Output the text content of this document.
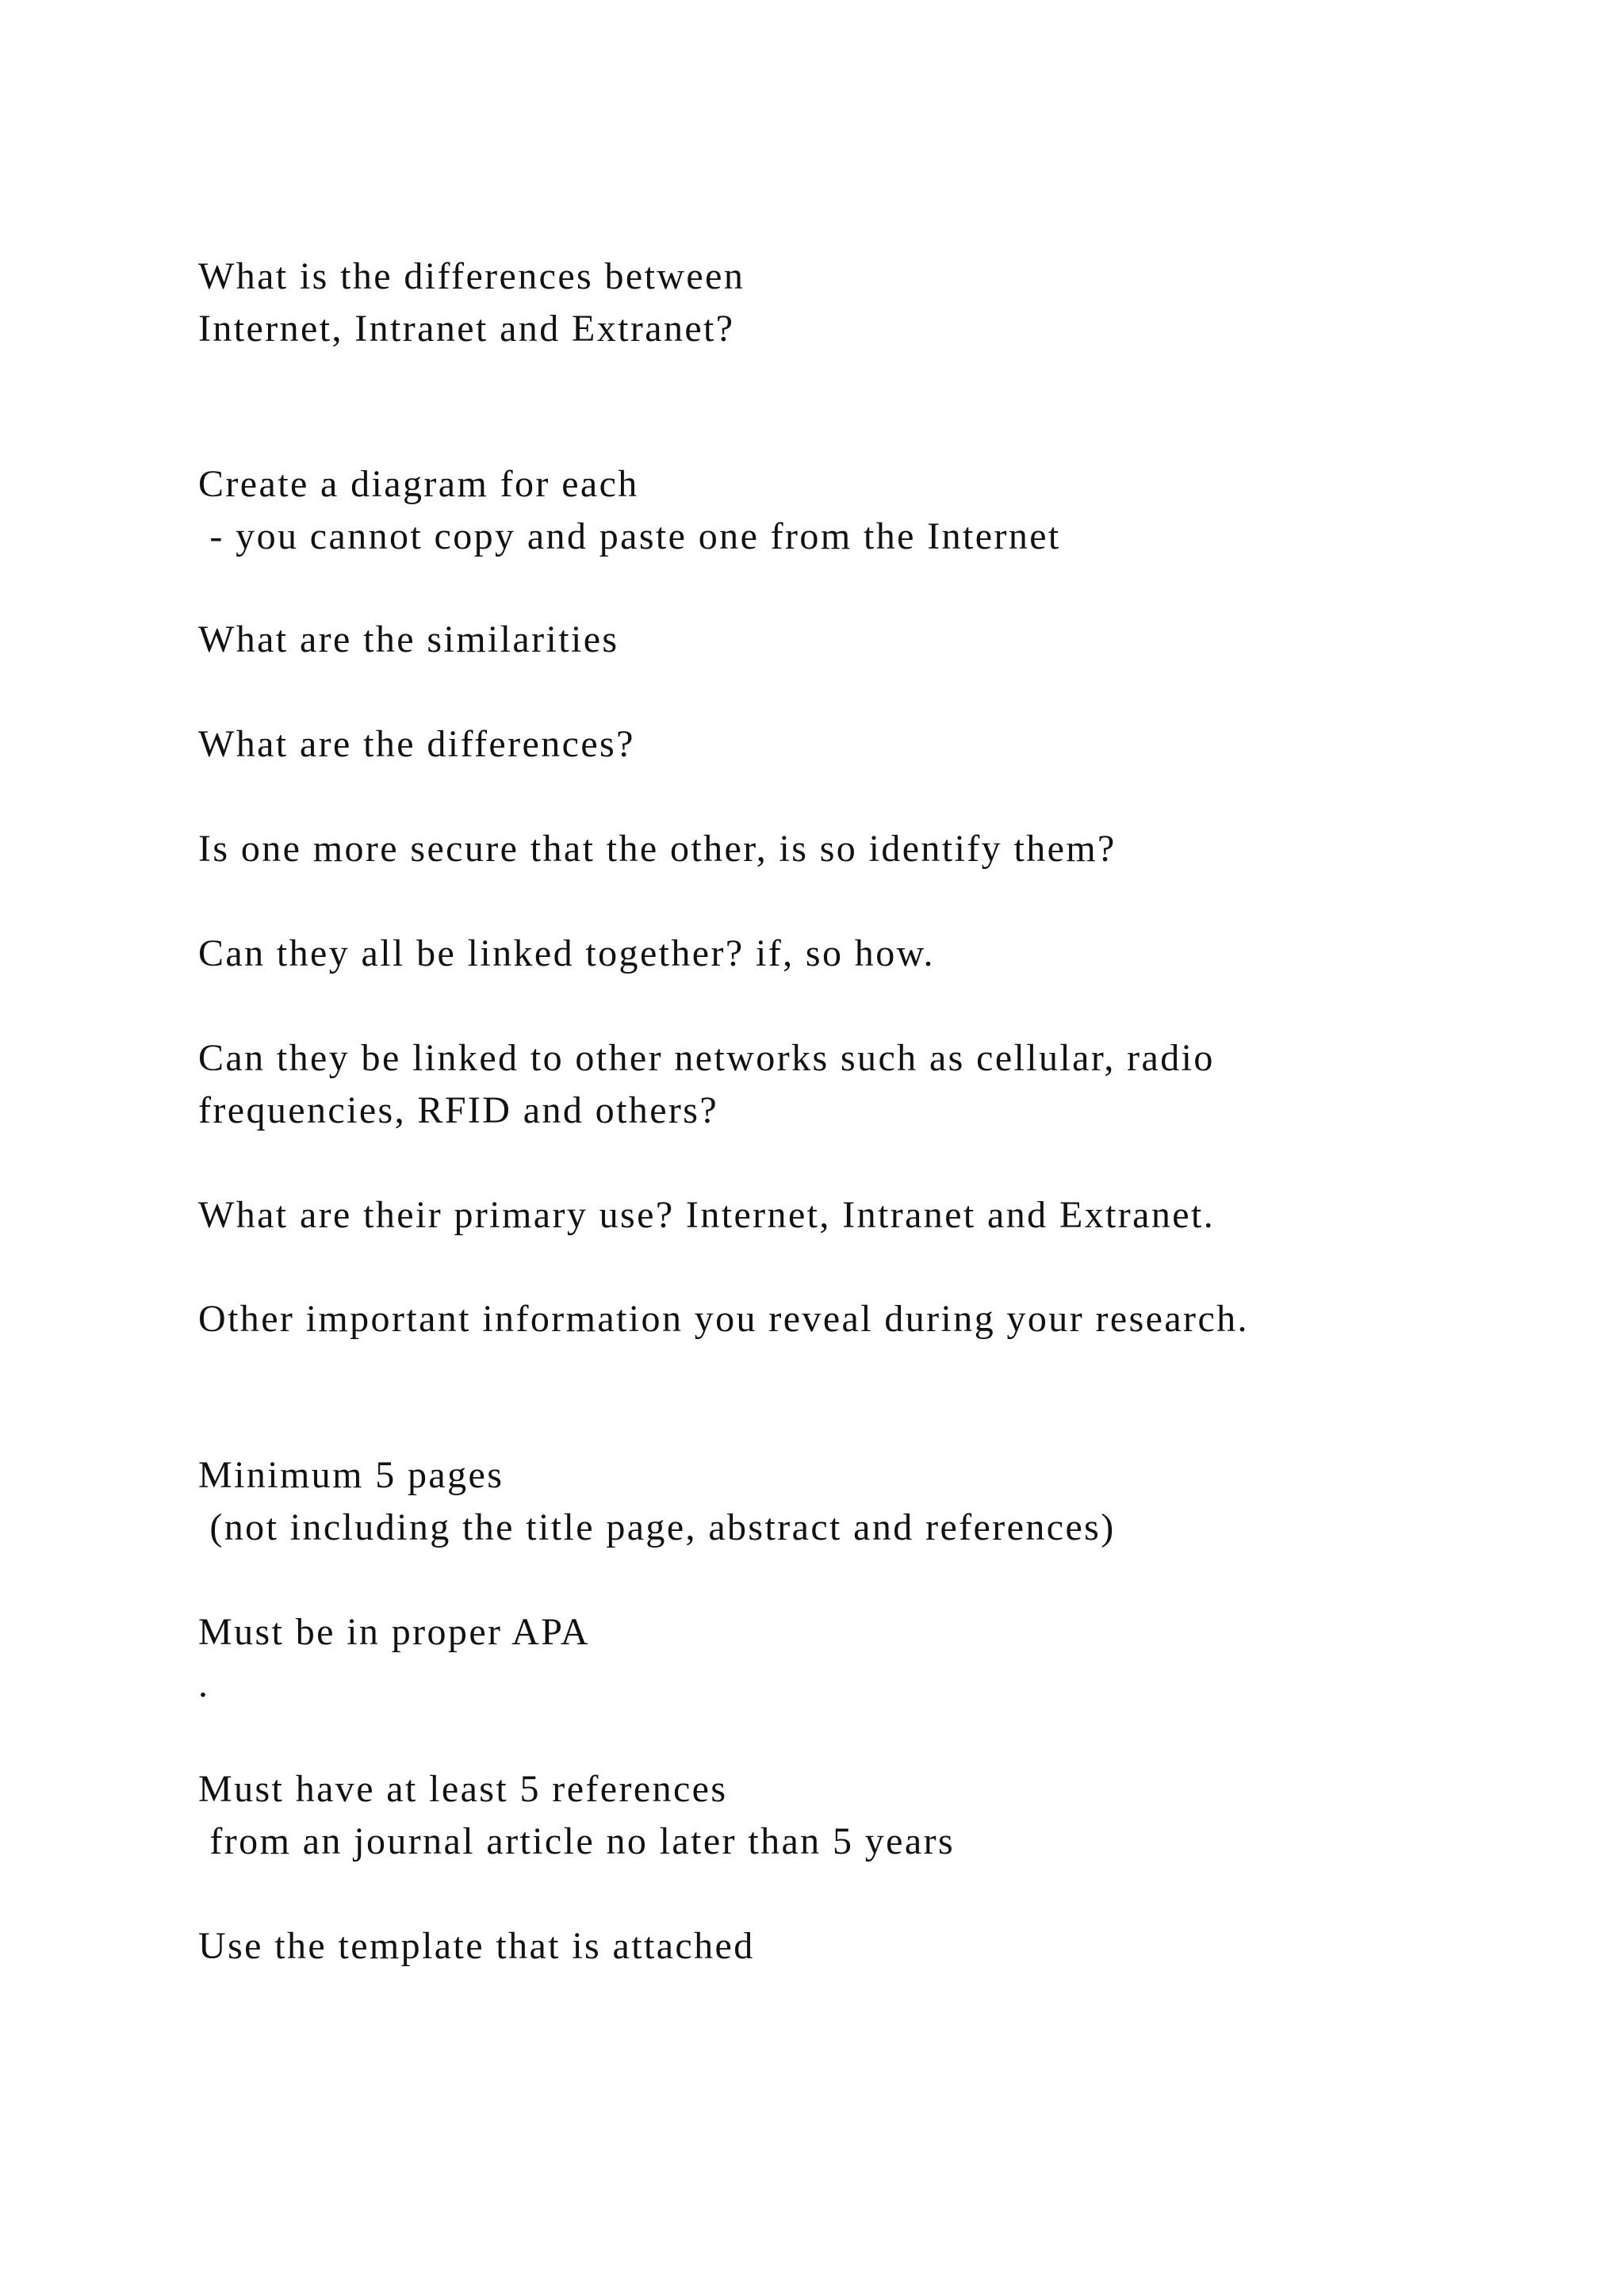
What is the differences between

Internet, Intranet and Extranet?

Create a diagram for each

- you cannot copy and paste one from the Internet

What are the similarities

What are the differences?

Is one more secure that the other, is so identify them?

Can they all be linked together? if, so how.

Can they be linked to other networks such as cellular, radio

frequencies, RFID and others?

What are their primary use? Internet, Intranet and Extranet.

Other important information you reveal during your research.

Minimum 5 pages

(not including the title page, abstract and references)

Must be in proper APA

.

Must have at least 5 references

from an journal article no later than 5 years

Use the template that is attached
